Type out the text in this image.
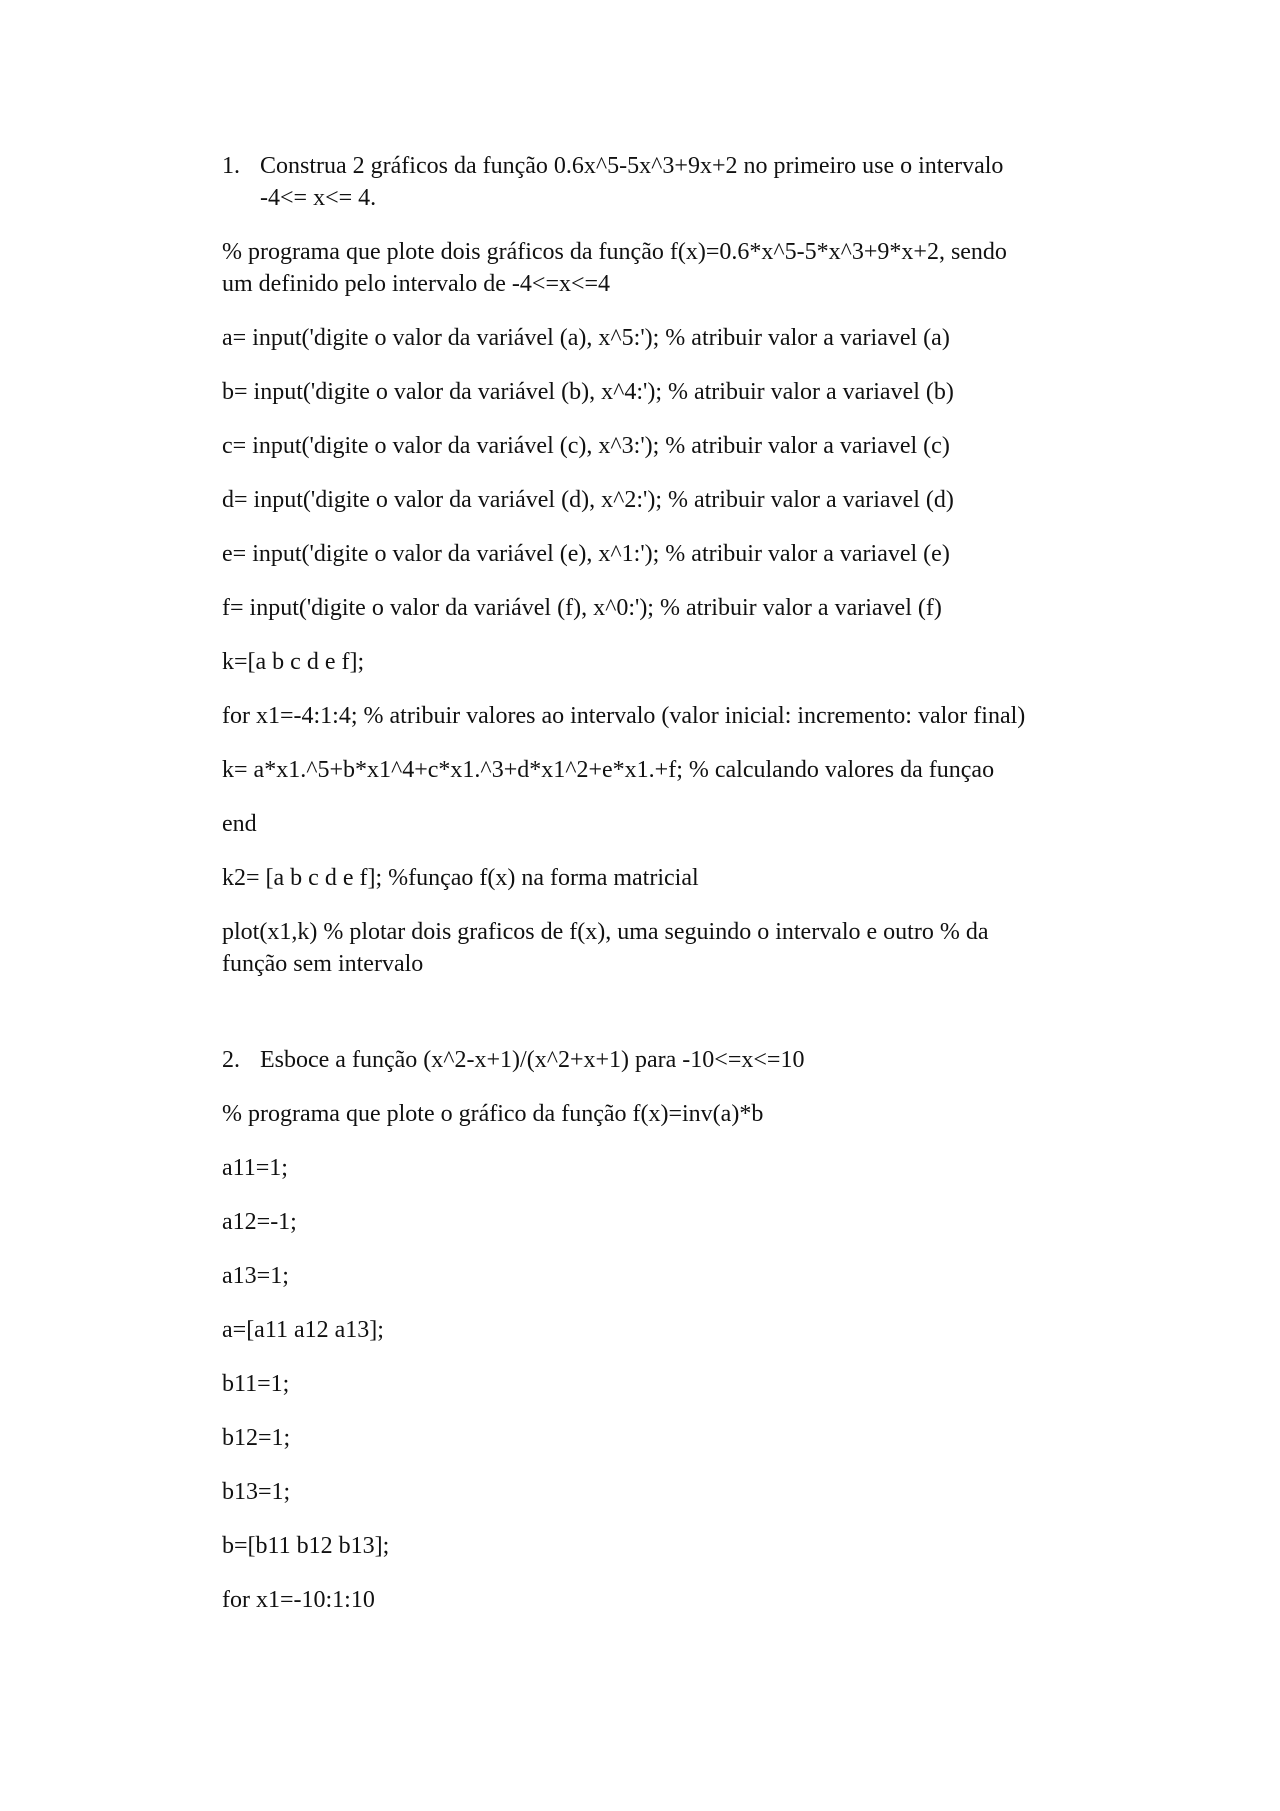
1. Construa 2 gráficos da função 0.6x^5-5x^3+9x+2 no primeiro use o intervalo
-4<= x<= 4.
% programa que plote dois gráficos da função f(x)=0.6*x^5-5*x^3+9*x+2, sendo
um definido pelo intervalo de -4<=x<=4
a= input('digite o valor da variável (a), x^5:'); % atribuir valor a variavel (a)
b= input('digite o valor da variável (b), x^4:'); % atribuir valor a variavel (b)
c= input('digite o valor da variável (c), x^3:'); % atribuir valor a variavel (c)
d= input('digite o valor da variável (d), x^2:'); % atribuir valor a variavel (d)
e= input('digite o valor da variável (e), x^1:'); % atribuir valor a variavel (e)
f= input('digite o valor da variável (f), x^0:'); % atribuir valor a variavel (f)
k=[a b c d e f];
for x1=-4:1:4; % atribuir valores ao intervalo (valor inicial: incremento: valor final)
k= a*x1.^5+b*x1^4+c*x1.^3+d*x1^2+e*x1.+f; % calculando valores da funçao
end
k2= [a b c d e f]; %funçao f(x) na forma matricial
plot(x1,k) % plotar dois graficos de f(x), uma seguindo o intervalo e outro % da
função sem intervalo
2. Esboce a função (x^2-x+1)/(x^2+x+1) para -10<=x<=10
% programa que plote o gráfico da função f(x)=inv(a)*b
a11=1;
a12=-1;
a13=1;
a=[a11 a12 a13];
b11=1;
b12=1;
b13=1;
b=[b11 b12 b13];
for x1=-10:1:10
